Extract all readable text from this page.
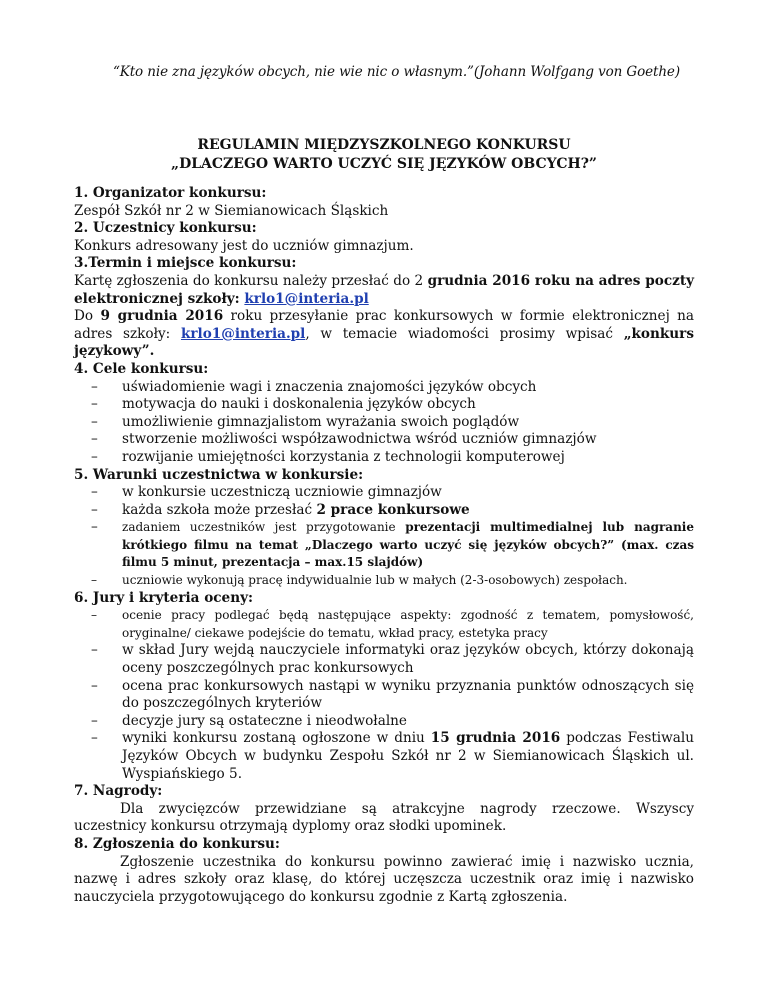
“Kto nie zna języków obcych, nie wie nic o własnym.”(Johann Wolfgang von Goethe)
REGULAMIN MIĘDZYSZKOLNEGO KONKURSU
„DLACZEGO WARTO UCZYĆ SIĘ JĘZYKÓW OBCYCH?”

1. Organizator konkursu:

Zespół Szkół nr 2 w Siemianowicach Śląskich

2. Uczestnicy konkursu:

Konkurs adresowany jest do uczniów gimnazjum.

3.Termin i miejsce konkursu:

Kartę zgłoszenia do konkursu należy przesłać do 2 grudnia 2016 roku na adres poczty elektronicznej szkoły: krlo1@interia.pl

Do 9 grudnia 2016 roku przesyłanie prac konkursowych w formie elektronicznej na adres szkoły: krlo1@interia.pl, w temacie wiadomości prosimy wpisać „konkurs językowy”.

4. Cele konkursu:

– uświadomienie wagi i znaczenia znajomości języków obcych
– motywacja do nauki i doskonalenia języków obcych
– umożliwienie gimnazjalistom wyrażania swoich poglądów
– stworzenie możliwości współzawodnictwa wśród uczniów gimnazjów
– rozwijanie umiejętności korzystania z technologii komputerowej

5. Warunki uczestnictwa w konkursie:

– w konkursie uczestniczą uczniowie gimnazjów
– każda szkoła może przesłać 2 prace konkursowe
– zadaniem uczestników jest przygotowanie prezentacji multimedialnej lub nagranie krótkiego filmu na temat „Dlaczego warto uczyć się języków obcych?” (max. czas filmu 5 minut, prezentacja – max.15 slajdów)
– uczniowie wykonują pracę indywidualnie lub w małych (2-3-osobowych) zespołach.

6. Jury i kryteria oceny:

– ocenie pracy podlegać będą następujące aspekty: zgodność z tematem, pomysłowość, oryginalne/ ciekawe podejście do tematu, wkład pracy, estetyka pracy
– w skład Jury wejdą nauczyciele informatyki oraz języków obcych, którzy dokonają oceny poszczególnych prac konkursowych
– ocena prac konkursowych nastąpi w wyniku przyznania punktów odnoszących się do poszczególnych kryteriów
– decyzje jury są ostateczne i nieodwołalne
– wyniki konkursu zostaną ogłoszone w dniu 15 grudnia 2016 podczas Festiwalu Języków Obcych w budynku Zespołu Szkół nr 2 w Siemianowicach Śląskich ul. Wyspiańskiego 5.

7. Nagrody:

Dla zwycięzców przewidziane są atrakcyjne nagrody rzeczowe. Wszyscy uczestnicy konkursu otrzymają dyplomy oraz słodki upominek.

8. Zgłoszenia do konkursu:

Zgłoszenie uczestnika do konkursu powinno zawierać imię i nazwisko ucznia, nazwę i adres szkoły oraz klasę, do której uczęszcza uczestnik oraz imię i nazwisko nauczyciela przygotowującego do konkursu zgodnie z Kartą zgłoszenia.
